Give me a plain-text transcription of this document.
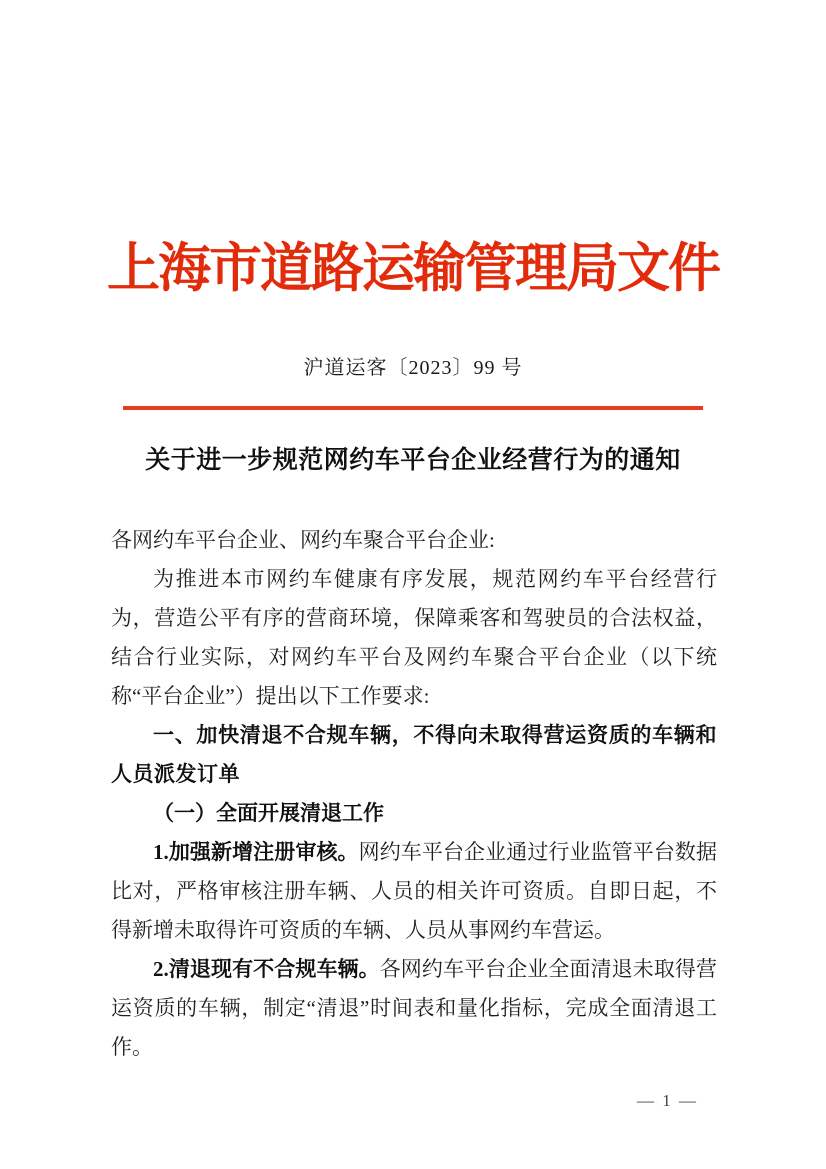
上海市道路运输管理局文件
沪道运客〔2023〕99 号
关于进一步规范网约车平台企业经营行为的通知

各网约车平台企业、网约车聚合平台企业:

为推进本市网约车健康有序发展，规范网约车平台经营行为，营造公平有序的营商环境，保障乘客和驾驶员的合法权益，结合行业实际，对网约车平台及网约车聚合平台企业（以下统称“平台企业”）提出以下工作要求:

一、加快清退不合规车辆，不得向未取得营运资质的车辆和人员派发订单

（一）全面开展清退工作

1.加强新增注册审核。网约车平台企业通过行业监管平台数据比对，严格审核注册车辆、人员的相关许可资质。自即日起，不得新增未取得许可资质的车辆、人员从事网约车营运。

2.清退现有不合规车辆。各网约车平台企业全面清退未取得营运资质的车辆，制定“清退”时间表和量化指标，完成全面清退工作。

— 1 —
